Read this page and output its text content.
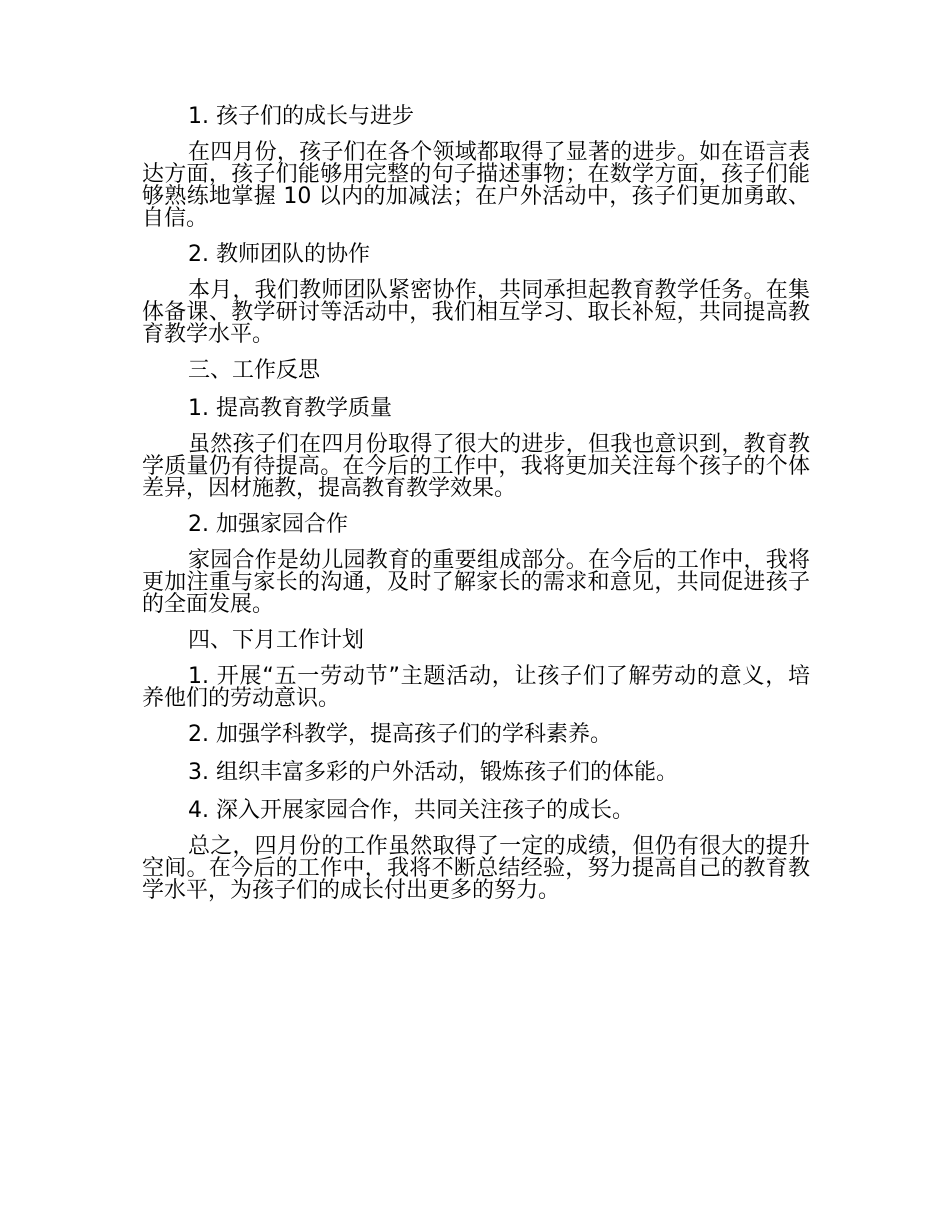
1. 孩子们的成长与进步
在四月份，孩子们在各个领域都取得了显著的进步。如在语言表达方面，孩子们能够用完整的句子描述事物；在数学方面，孩子们能够熟练地掌握 10 以内的加减法；在户外活动中，孩子们更加勇敢、自信。
2. 教师团队的协作
本月，我们教师团队紧密协作，共同承担起教育教学任务。在集体备课、教学研讨等活动中，我们相互学习、取长补短，共同提高教育教学水平。
三、工作反思
1. 提高教育教学质量
虽然孩子们在四月份取得了很大的进步，但我也意识到，教育教学质量仍有待提高。在今后的工作中，我将更加关注每个孩子的个体差异，因材施教，提高教育教学效果。
2. 加强家园合作
家园合作是幼儿园教育的重要组成部分。在今后的工作中，我将更加注重与家长的沟通，及时了解家长的需求和意见，共同促进孩子的全面发展。
四、下月工作计划
1. 开展“五一劳动节”主题活动，让孩子们了解劳动的意义，培养他们的劳动意识。
2. 加强学科教学，提高孩子们的学科素养。
3. 组织丰富多彩的户外活动，锻炼孩子们的体能。
4. 深入开展家园合作，共同关注孩子的成长。
总之，四月份的工作虽然取得了一定的成绩，但仍有很大的提升空间。在今后的工作中，我将不断总结经验，努力提高自己的教育教学水平，为孩子们的成长付出更多的努力。
